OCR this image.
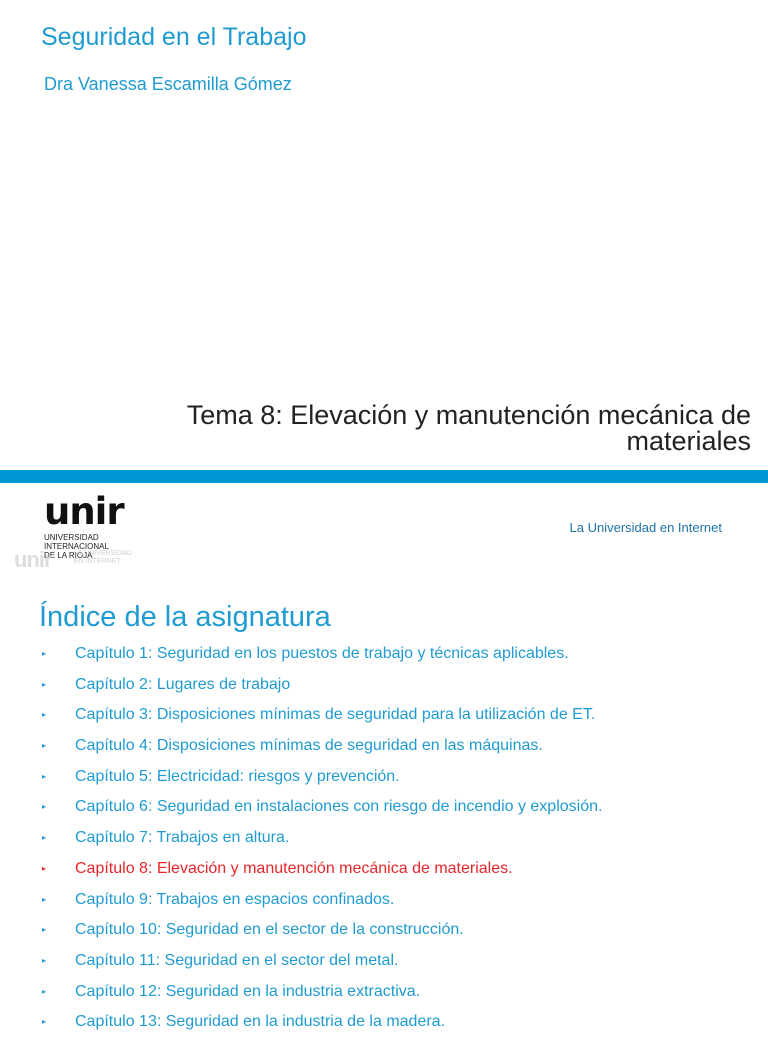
Seguridad en el Trabajo
Dra Vanessa Escamilla Gómez
Tema 8: Elevación y manutención mecánica de materiales
unir
UNIVERSIDAD
INTERNACIONAL
DE LA RIOJA
unir	LA UNIVERSIDAD
EN INTERNET
La Universidad en Internet
Índice de la asignatura
▸ Capítulo 1: Seguridad en los puestos de trabajo y técnicas aplicables.
▸ Capítulo 2: Lugares de trabajo
▸ Capítulo 3: Disposiciones mínimas de seguridad para la utilización de ET.
▸ Capítulo 4: Disposiciones mínimas de seguridad en las máquinas.
▸ Capítulo 5: Electricidad: riesgos y prevención.
▸ Capítulo 6: Seguridad en instalaciones con riesgo de incendio y explosión.
▸ Capítulo 7: Trabajos en altura.
▸ Capítulo 8: Elevación y manutención mecánica de materiales.
▸ Capítulo 9: Trabajos en espacios confinados.
▸ Capítulo 10: Seguridad en el sector de la construcción.
▸ Capítulo 11: Seguridad en el sector del metal.
▸ Capítulo 12: Seguridad en la industria extractiva.
▸ Capítulo 13: Seguridad en la industria de la madera.
